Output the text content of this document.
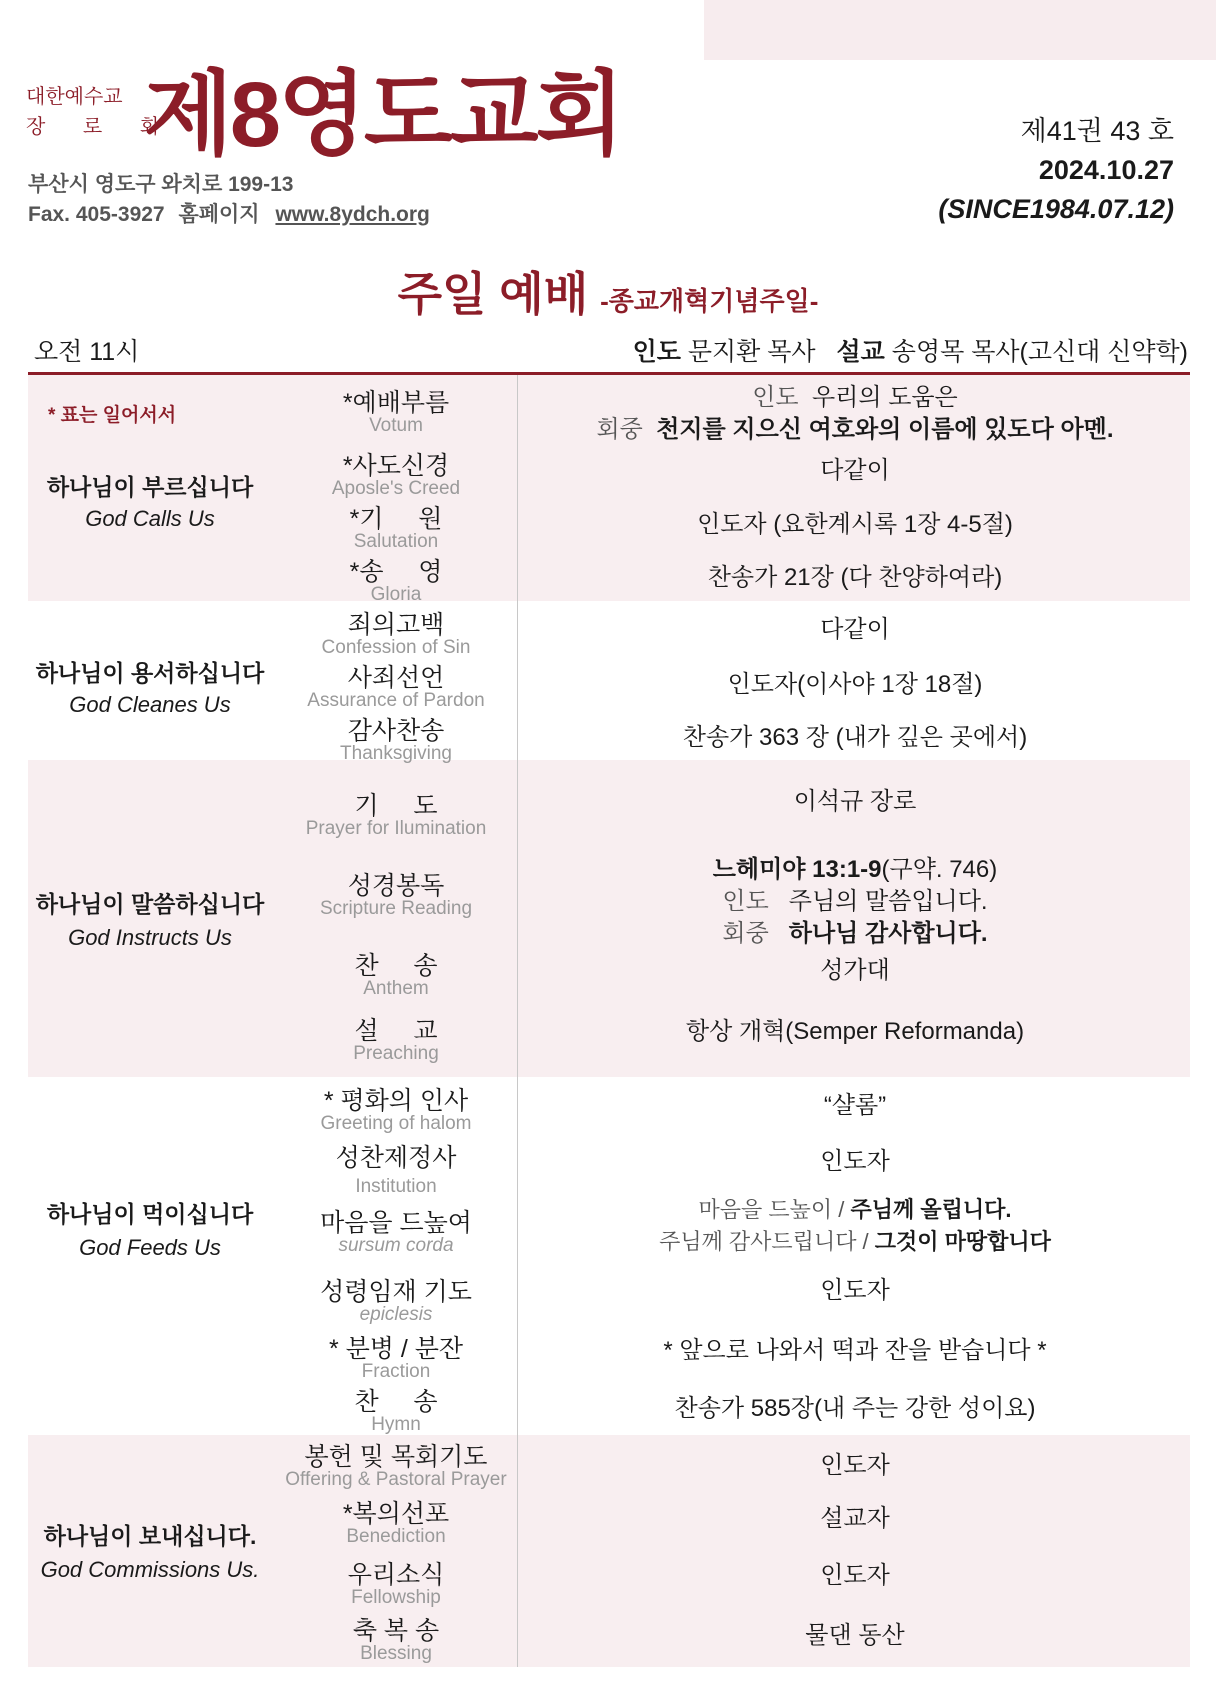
대한예수교
장 로 회
제8영도교회
부산시 영도구 와치로 199-13
Fax. 405-3927 홈페이지 www.8ydch.org
제41권 43 호
2024.10.27
(SINCE1984.07.12)
주일 예배 -종교개혁기념주일-
오전 11시	인도 문지환 목사 설교 송영목 목사(고신대 신약학)
하나님이 부르십니다
God Calls Us
하나님이 용서하십니다
God Cleanes Us
하나님이 말씀하십니다
God Instructs Us
하나님이 먹이십니다
God Feeds Us
하나님이 보내십니다.
God Commissions Us.
* 표는 일어서서	*예배부름
Votum
인도 우리의 도움은
회중 천지를 지으신 여호와의 이름에 있도다 아멘.
*사도신경
Aposle's Creed
다같이
*기     원
Salutation
인도자 (요한계시록 1장 4-5절)
*송     영
Gloria
찬송가 21장 (다 찬양하여라)
죄의고백
Confession of Sin
다같이
사죄선언
Assurance of Pardon
인도자(이사야 1장 18절)
감사찬송
Thanksgiving
찬송가 363 장 (내가 깊은 곳에서)
기     도
Prayer for Ilumination
이석규 장로
성경봉독
Scripture Reading
느헤미야 13:1-9(구약. 746)
인도 주님의 말씀입니다.
회중 하나님 감사합니다.
찬     송
Anthem
성가대
설     교
Preaching
항상 개혁(Semper Reformanda)
* 평화의 인사
Greeting of halom
“샬롬”
성찬제정사
Institution
인도자
마음을 드높여
sursum corda
마음을 드높이 / 주님께 올립니다.
주님께 감사드립니다 / 그것이 마땅합니다
성령임재 기도
epiclesis
인도자
* 분병 / 분잔
Fraction
* 앞으로 나와서 떡과 잔을 받습니다 *
찬     송
Hymn
찬송가 585장(내 주는 강한 성이요)
봉헌 및 목회기도
Offering & Pastoral Prayer
인도자
*복의선포
Benediction
설교자
우리소식
Fellowship
인도자
축 복 송
Blessing
물댄 동산
